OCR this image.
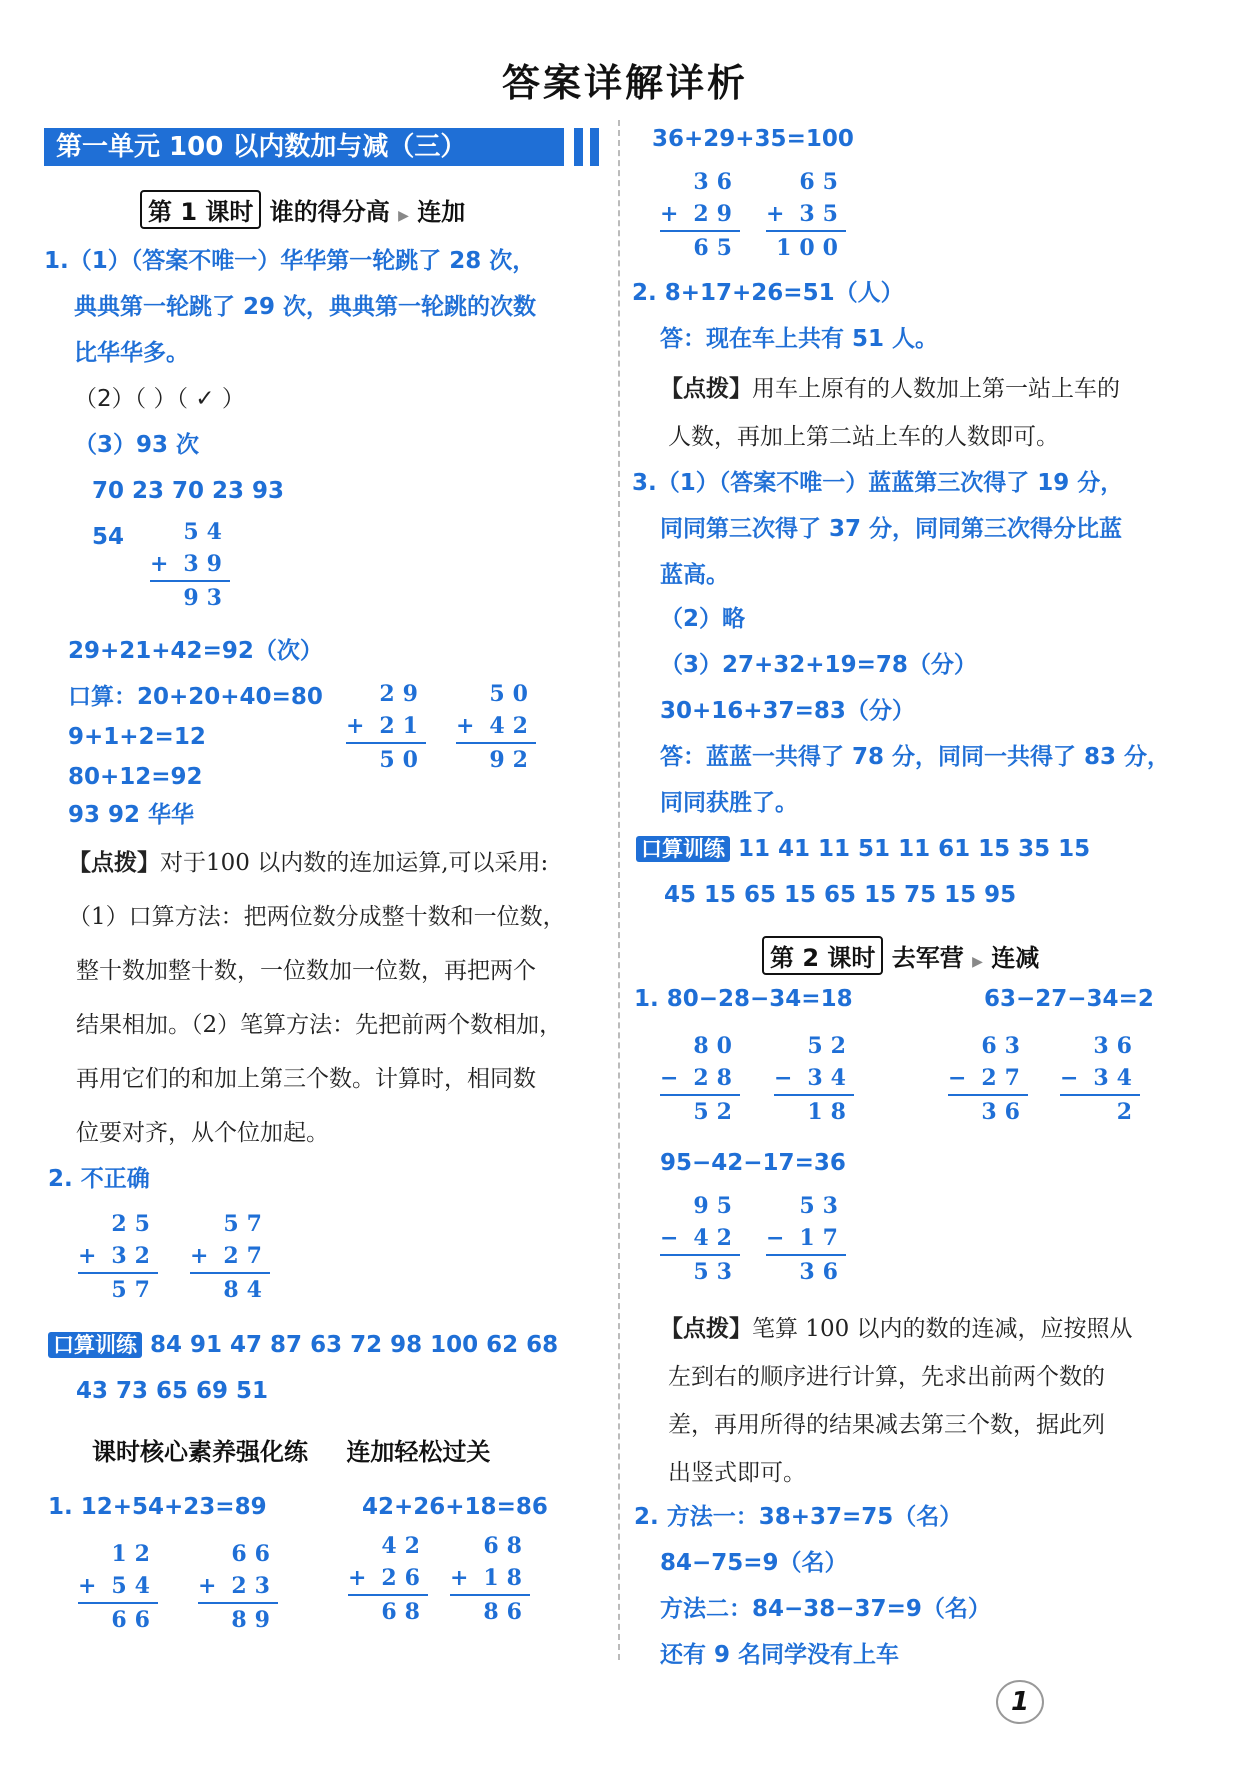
答案详解详析
第一单元 100 以内数加与减（三）
第 1 课时 谁的得分高 ▶ 连加
1.（1）（答案不唯一）华华第一轮跳了 28 次，
典典第一轮跳了 29 次，典典第一轮跳的次数
比华华多。
（2）（ ）（ ✓ ）
（3）93 次
70 23 70 23 93
54	54
+ 39
93
29+21+42=92（次）
口算：20+20+40=80
9+1+2=12
80+12=92
29
+ 21
50
50
+ 42
92
93 92 华华
【点拨】对于100 以内数的连加运算,可以采用:
（1）口算方法：把两位数分成整十数和一位数，
整十数加整十数，一位数加一位数，再把两个
结果相加。（2）笔算方法：先把前两个数相加，
再用它们的和加上第三个数。计算时，相同数
位要对齐，从个位加起。
2. 不正确
25
+ 32
57
57
+ 27
84
口算训练 84 91 47 87 63 72 98 100 62 68
43 73 65 69 51
课时核心素养强化练 连加轻松过关
1. 12+54+23=89	42+26+18=86
12
+ 54
66
66
+ 23
89
42
+ 26
68
68
+ 18
86
36+29+35=100
36
+ 29
65
65
+ 35
100
2. 8+17+26=51（人）
答：现在车上共有 51 人。
【点拨】用车上原有的人数加上第一站上车的
人数，再加上第二站上车的人数即可。
3.（1）（答案不唯一）蓝蓝第三次得了 19 分，
同同第三次得了 37 分，同同第三次得分比蓝
蓝高。
（2）略
（3）27+32+19=78（分）
30+16+37=83（分）
答：蓝蓝一共得了 78 分，同同一共得了 83 分，
同同获胜了。
口算训练 11 41 11 51 11 61 15 35 15
45 15 65 15 65 15 75 15 95
第 2 课时 去军营 ▶ 连减
1. 80−28−34=18	63−27−34=2
80
− 28
52
52
− 34
18
63
− 27
36
36
− 34
2
95−42−17=36
95
− 42
53
53
− 17
36
【点拨】笔算 100 以内的数的连减，应按照从
左到右的顺序进行计算，先求出前两个数的
差，再用所得的结果减去第三个数，据此列
出竖式即可。
2. 方法一：38+37=75（名）
84−75=9（名）
方法二：84−38−37=9（名）
还有 9 名同学没有上车
1
